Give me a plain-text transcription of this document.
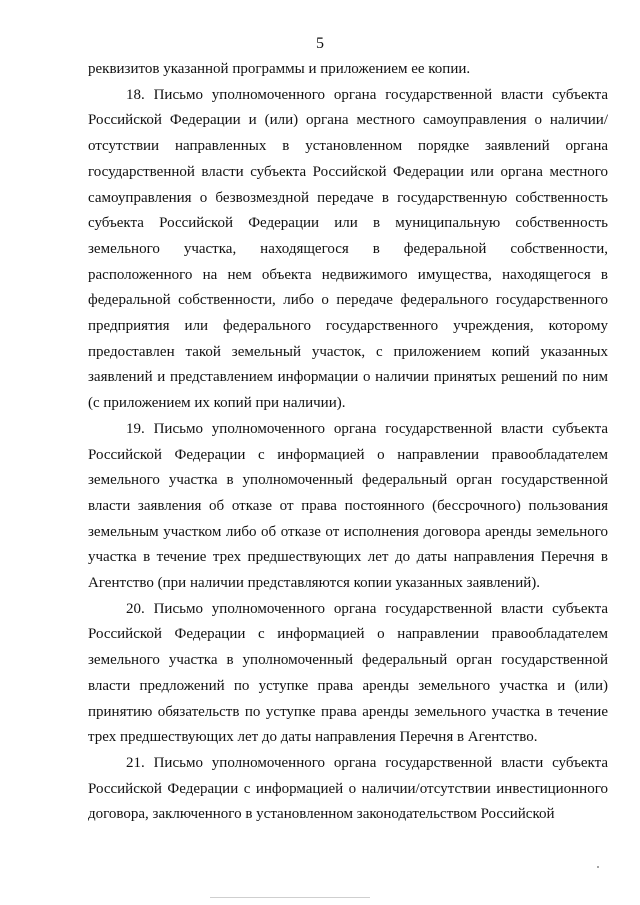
5

реквизитов указанной программы и приложением ее копии.

18. Письмо уполномоченного органа государственной власти субъекта Российской Федерации и (или) органа местного самоуправления о наличии/ отсутствии направленных в установленном порядке заявлений органа государственной власти субъекта Российской Федерации или органа местного самоуправления о безвозмездной передаче в государственную собственность субъекта Российской Федерации или в муниципальную собственность земельного участка, находящегося в федеральной собственности, расположенного на нем объекта недвижимого имущества, находящегося в федеральной собственности, либо о передаче федерального государственного предприятия или федерального государственного учреждения, которому предоставлен такой земельный участок, с приложением копий указанных заявлений и представлением информации о наличии принятых решений по ним (с приложением их копий при наличии).

19. Письмо уполномоченного органа государственной власти субъекта Российской Федерации с информацией о направлении правообладателем земельного участка в уполномоченный федеральный орган государственной власти заявления об отказе от права постоянного (бессрочного) пользования земельным участком либо об отказе от исполнения договора аренды земельного участка в течение трех предшествующих лет до даты направления Перечня в Агентство (при наличии представляются копии указанных заявлений).

20. Письмо уполномоченного органа государственной власти субъекта Российской Федерации с информацией о направлении правообладателем земельного участка в уполномоченный федеральный орган государственной власти предложений по уступке права аренды земельного участка и (или) принятию обязательств по уступке права аренды земельного участка в течение трех предшествующих лет до даты направления Перечня в Агентство.

21. Письмо уполномоченного органа государственной власти субъекта Российской Федерации с информацией о наличии/отсутствии инвестиционного договора, заключенного в установленном законодательством Российской
